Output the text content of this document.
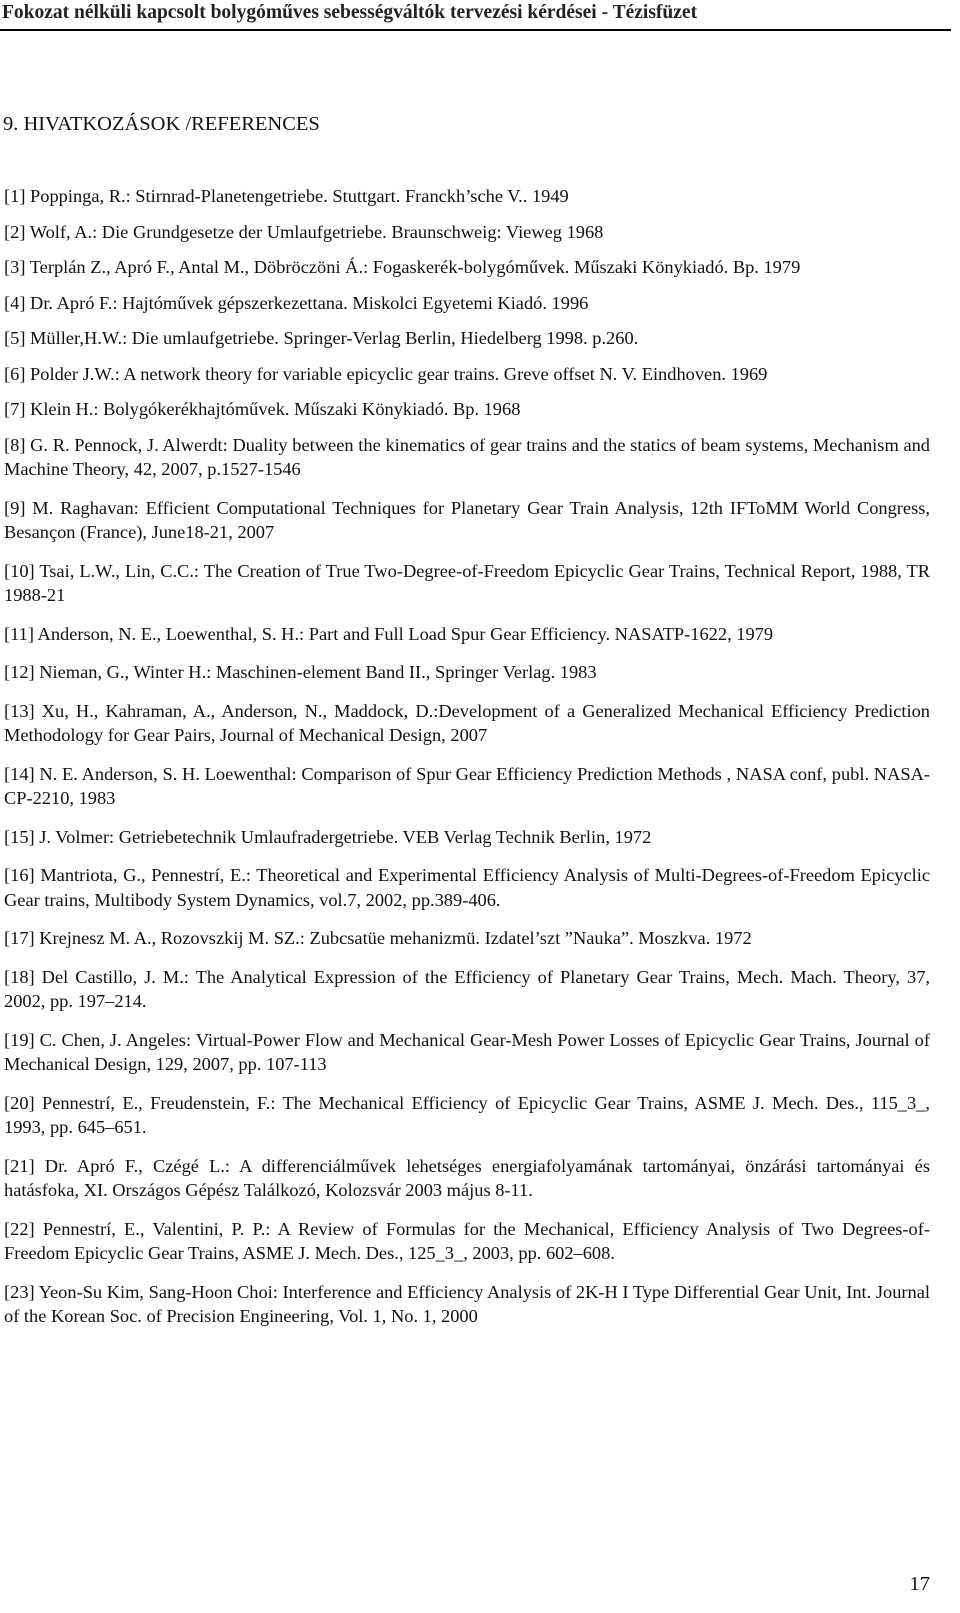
Fokozat nélküli kapcsolt bolygóműves sebességváltók tervezési kérdései - Tézisfüzet
9. HIVATKOZÁSOK /REFERENCES

[1] Poppinga, R.: Stirnrad-Planetengetriebe. Stuttgart. Franckh’sche V.. 1949

[2] Wolf, A.: Die Grundgesetze der Umlaufgetriebe. Braunschweig: Vieweg 1968

[3] Terplán Z., Apró F., Antal M., Döbröczöni Á.: Fogaskerék-bolygóművek. Műszaki Könykiadó. Bp. 1979

[4] Dr. Apró F.: Hajtóművek gépszerkezettana. Miskolci Egyetemi Kiadó. 1996

[5] Müller,H.W.: Die umlaufgetriebe. Springer-Verlag Berlin, Hiedelberg 1998. p.260.

[6] Polder J.W.: A network theory for variable epicyclic gear trains. Greve offset N. V. Eindhoven. 1969

[7] Klein H.: Bolygókerékhajtóművek. Műszaki Könykiadó. Bp. 1968

[8] G. R. Pennock, J. Alwerdt: Duality between the kinematics of gear trains and the statics of beam systems, Mechanism and Machine Theory, 42, 2007, p.1527-1546

[9] M. Raghavan: Efficient Computational Techniques for Planetary Gear Train Analysis, 12th IFToMM World Congress, Besançon (France), June18-21, 2007

[10] Tsai, L.W., Lin, C.C.: The Creation of True Two-Degree-of-Freedom Epicyclic Gear Trains, Technical Report, 1988, TR 1988-21

[11] Anderson, N. E., Loewenthal, S. H.: Part and Full Load Spur Gear Efficiency. NASATP-1622, 1979

[12] Nieman, G., Winter H.: Maschinen-element Band II., Springer Verlag. 1983

[13] Xu, H., Kahraman, A., Anderson, N., Maddock, D.:Development of a Generalized Mechanical Efficiency Prediction Methodology for Gear Pairs, Journal of Mechanical Design, 2007

[14] N. E. Anderson, S. H. Loewenthal: Comparison of Spur Gear Efficiency Prediction Methods , NASA conf, publ. NASA-CP-2210, 1983

[15] J. Volmer: Getriebetechnik Umlaufradergetriebe. VEB Verlag Technik Berlin, 1972

[16] Mantriota, G., Pennestrí, E.: Theoretical and Experimental Efficiency Analysis of Multi-Degrees-of-Freedom Epicyclic Gear trains, Multibody System Dynamics, vol.7, 2002, pp.389-406.

[17] Krejnesz M. A., Rozovszkij M. SZ.: Zubcsatüe mehanizmü. Izdatel’szt ”Nauka”. Moszkva. 1972

[18] Del Castillo, J. M.: The Analytical Expression of the Efficiency of Planetary Gear Trains, Mech. Mach. Theory, 37, 2002, pp. 197–214.

[19] C. Chen, J. Angeles: Virtual-Power Flow and Mechanical Gear-Mesh Power Losses of Epicyclic Gear Trains, Journal of Mechanical Design, 129, 2007, pp. 107-113

[20] Pennestrí, E., Freudenstein, F.: The Mechanical Efficiency of Epicyclic Gear Trains, ASME J. Mech. Des., 115_3_, 1993, pp. 645–651.

[21] Dr. Apró F., Czégé L.: A differenciálművek lehetséges energiafolyamának tartományai, önzárási tartományai és hatásfoka, XI. Országos Gépész Találkozó, Kolozsvár 2003 május 8-11.

[22] Pennestrí, E., Valentini, P. P.: A Review of Formulas for the Mechanical, Efficiency Analysis of Two Degrees-of-Freedom Epicyclic Gear Trains, ASME J. Mech. Des., 125_3_, 2003, pp. 602–608.

[23] Yeon-Su Kim, Sang-Hoon Choi: Interference and Efficiency Analysis of 2K-H I Type Differential Gear Unit, Int. Journal of the Korean Soc. of Precision Engineering, Vol. 1, No. 1, 2000

17
